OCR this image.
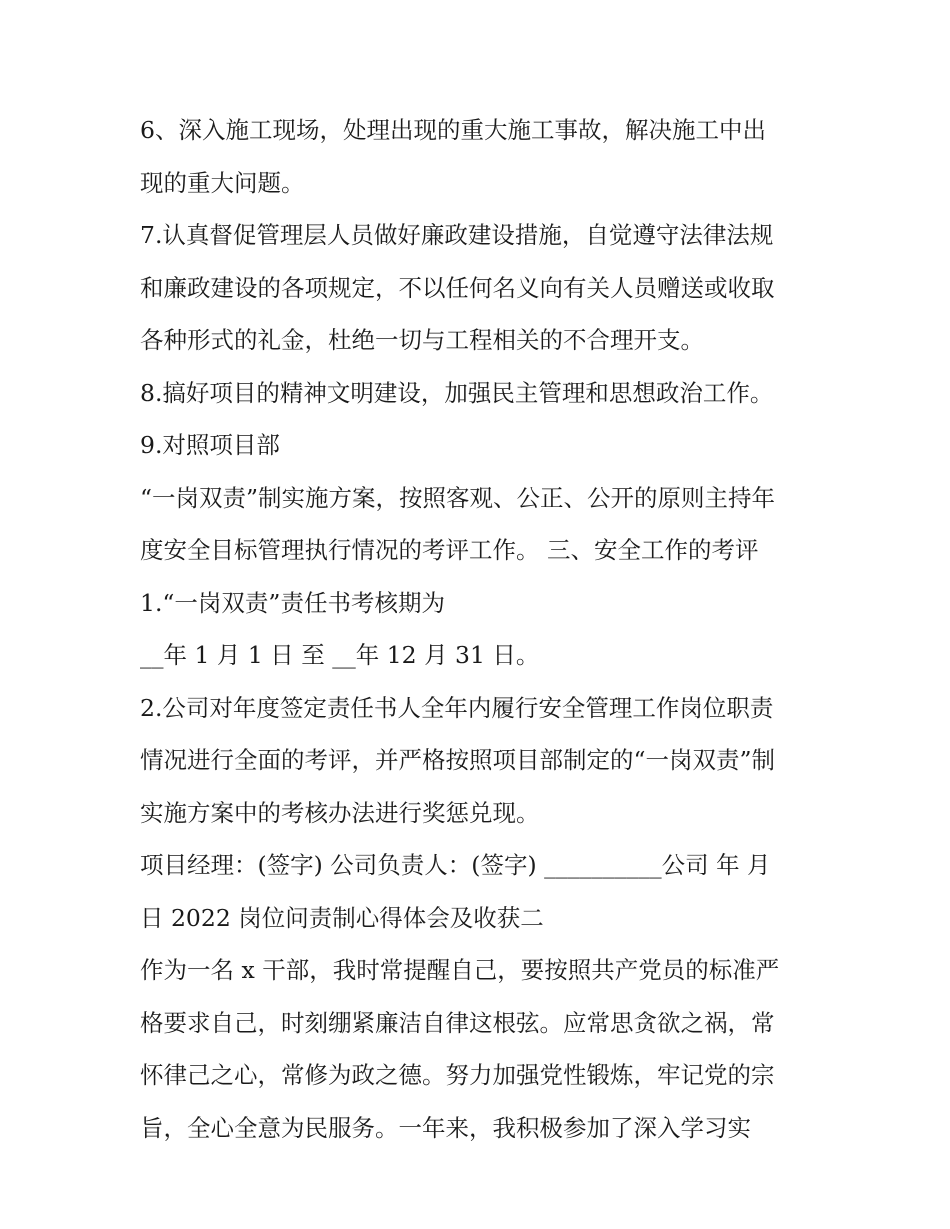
6、深入施工现场，处理出现的重大施工事故，解决施工中出
现的重大问题。
7.认真督促管理层人员做好廉政建设措施，自觉遵守法律法规
和廉政建设的各项规定，不以任何名义向有关人员赠送或收取
各种形式的礼金，杜绝一切与工程相关的不合理开支。
8.搞好项目的精神文明建设，加强民主管理和思想政治工作。
9.对照项目部
“一岗双责”制实施方案，按照客观、公正、公开的原则主持年
度安全目标管理执行情况的考评工作。 三、安全工作的考评
1.“一岗双责”责任书考核期为
__年 1 月 1 日 至 __年 12 月 31 日。
2.公司对年度签定责任书人全年内履行安全管理工作岗位职责
情况进行全面的考评，并严格按照项目部制定的“一岗双责”制
实施方案中的考核办法进行奖惩兑现。
项目经理：(签字) 公司负责人：(签字) __________公司 年 月
日 2022 岗位问责制心得体会及收获二
作为一名 x 干部，我时常提醒自己，要按照共产党员的标准严
格要求自己，时刻绷紧廉洁自律这根弦。应常思贪欲之祸，常
怀律己之心，常修为政之德。努力加强党性锻炼，牢记党的宗
旨，全心全意为民服务。一年来，我积极参加了深入学习实
